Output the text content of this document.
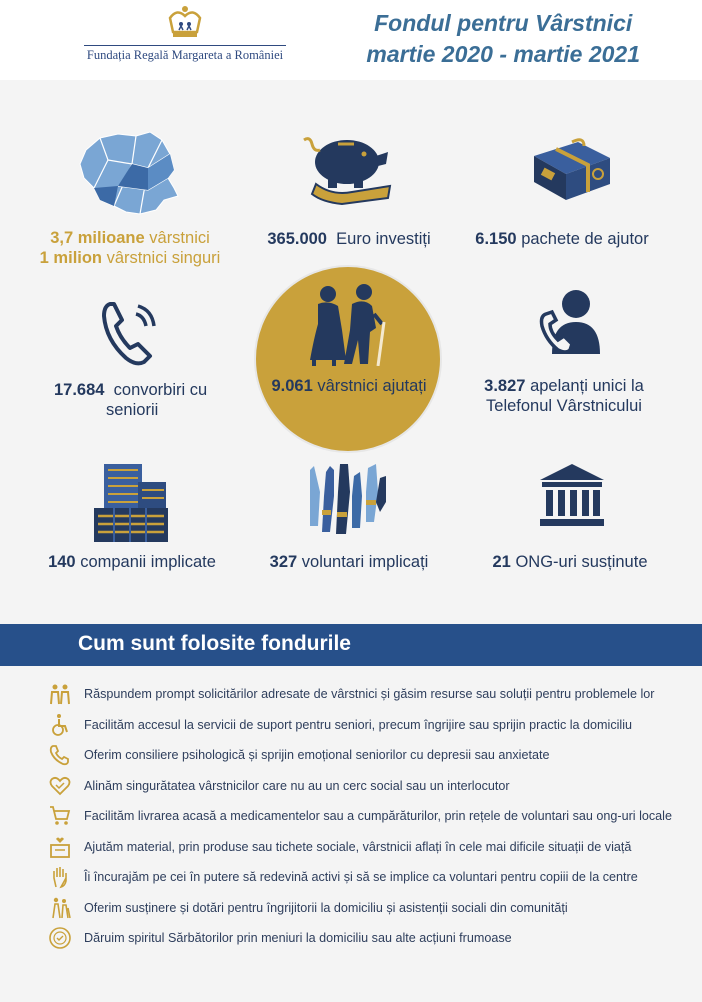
Fundația Regală Margareta a României
Fondul pentru Vârstnici
martie 2020 - martie 2021
3,7 milioane vârstnici
1 milion vârstnici singuri
365.000 Euro investiți	6.150 pachete de ajutor
17.684 convorbiri cu
seniorii
9.061 vârstnici ajutați	3.827 apelanți unici la
Telefonul Vârstnicului
140 companii implicate	327 voluntari implicați	21 ONG-uri susținute
Cum sunt folosite fondurile
Răspundem prompt solicitărilor adresate de vârstnici și găsim resurse sau soluții pentru problemele lor
Facilităm accesul la servicii de suport pentru seniori, precum îngrijire sau sprijin practic la domiciliu
Oferim consiliere psihologică și sprijin emoțional seniorilor cu depresii sau anxietate
Alinăm singurătatea vârstnicilor care nu au un cerc social sau un interlocutor
Facilităm livrarea acasă a medicamentelor sau a cumpărăturilor, prin rețele de voluntari sau ong-uri locale
Ajutăm material, prin produse sau tichete sociale, vârstnicii aflați în cele mai dificile situații de viață
Îi încurajăm pe cei în putere să redevină activi și să se implice ca voluntari pentru copiii de la centre
Oferim susținere și dotări pentru îngrijitorii la domiciliu și asistenții sociali din comunități
Dăruim spiritul Sărbătorilor prin meniuri la domiciliu sau alte acțiuni frumoase
